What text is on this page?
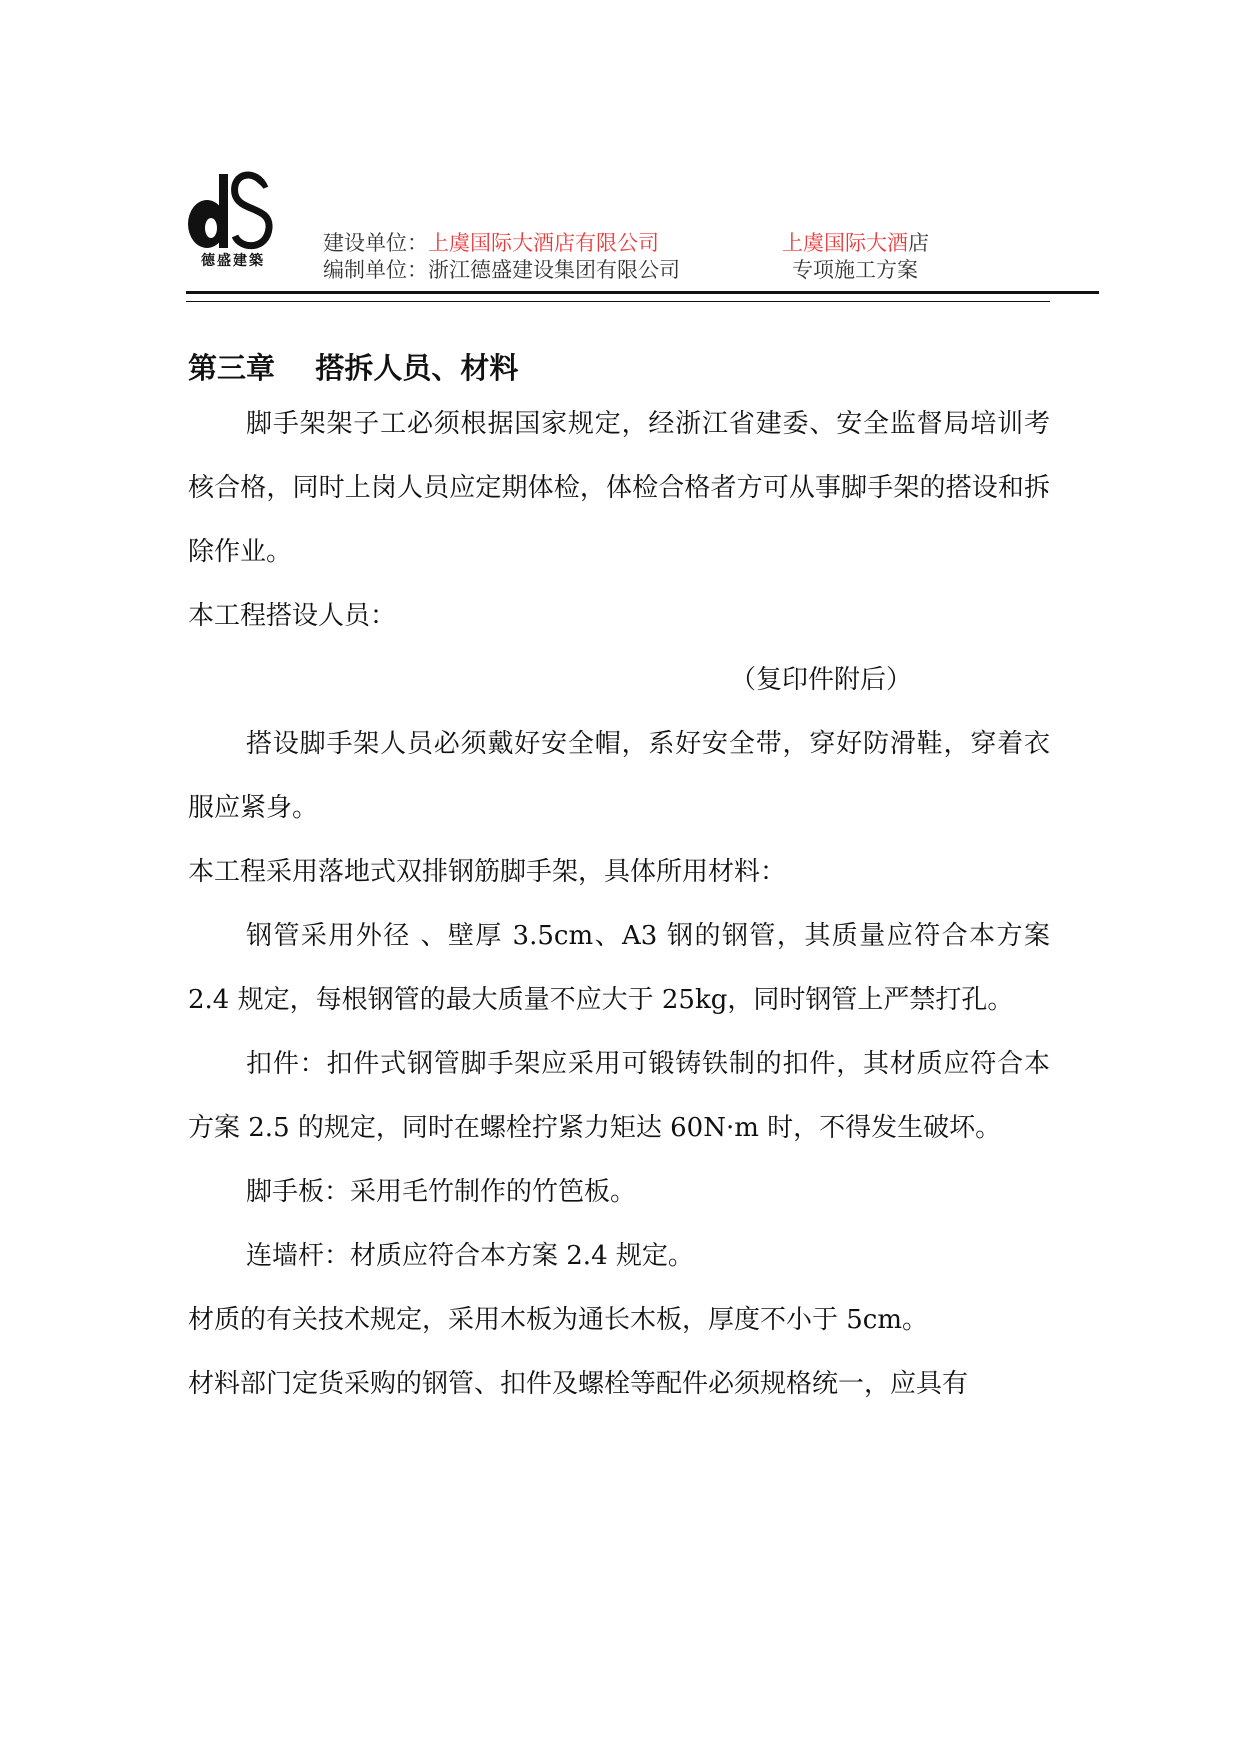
德盛建築
建设单位：上虞国际大酒店有限公司
编制单位：浙江德盛建设集团有限公司
上虞国际大酒店
专项施工方案
第三章    搭拆人员、材料

脚手架架子工必须根据国家规定，经浙江省建委、安全监督局培训考核合格，同时上岗人员应定期体检，体检合格者方可从事脚手架的搭设和拆除作业。

本工程搭设人员：

（复印件附后）

搭设脚手架人员必须戴好安全帽，系好安全带，穿好防滑鞋，穿着衣服应紧身。

本工程采用落地式双排钢筋脚手架，具体所用材料：

钢管采用外径 、壁厚 3.5cm、A3 钢的钢管，其质量应符合本方案 2.4 规定，每根钢管的最大质量不应大于 25kg，同时钢管上严禁打孔。

扣件：扣件式钢管脚手架应采用可锻铸铁制的扣件，其材质应符合本方案 2.5 的规定，同时在螺栓拧紧力矩达 60N·m 时，不得发生破坏。

脚手板：采用毛竹制作的竹笆板。

连墙杆：材质应符合本方案 2.4 规定。

材质的有关技术规定，采用木板为通长木板，厚度不小于 5cm。

材料部门定货采购的钢管、扣件及螺栓等配件必须规格统一，应具有
